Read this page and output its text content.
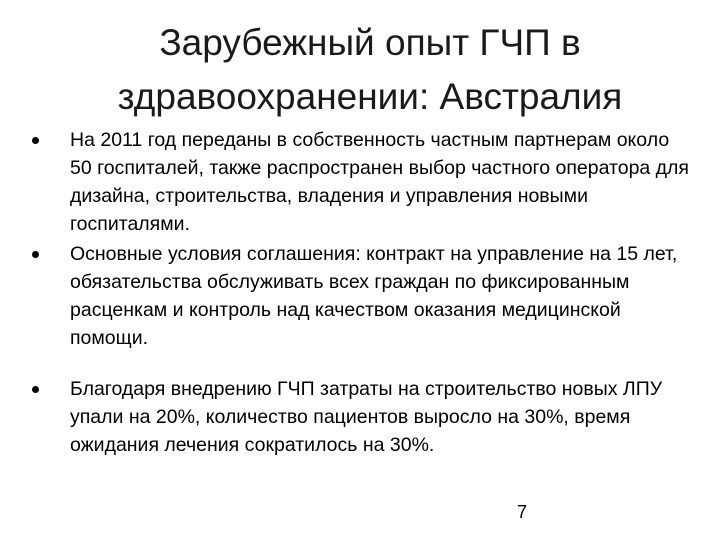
Зарубежный опыт ГЧП в
здравоохранении: Австралия
На 2011 год переданы в собственность частным партнерам около 50 госпиталей, также распространен выбор частного оператора для дизайна, строительства, владения и управления новыми госпиталями.
Основные условия соглашения: контракт на управление на 15 лет, обязательства обслуживать всех граждан по фиксированным расценкам и контроль над качеством оказания медицинской помощи.
Благодаря внедрению ГЧП затраты на строительство новых ЛПУ упали на 20%, количество пациентов выросло на 30%, время ожидания лечения сократилось на 30%.
7
